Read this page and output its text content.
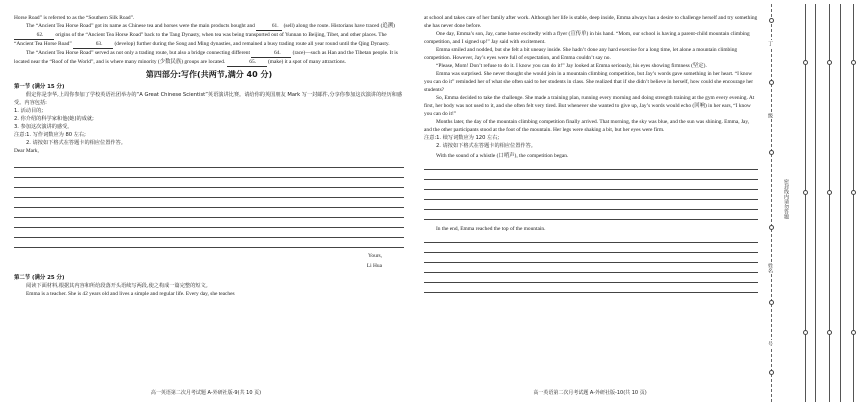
Horse Road” is referred to as the “Southern Silk Road”.

The “Ancient Tea Horse Road” got its name as Chinese tea and horses were the main products bought and	61. (sell) along the route. Historians have traced (追溯) 62. origins of the “Ancient Tea Horse Road” back to the Tang Dynasty, when tea was being transported out of Yunnan to Beijing, Tibet, and other places. The “Ancient Tea Horse Road”	63. (develop) further during the Song and Ming dynasties, and remained a busy trading route all year round until the Qing Dynasty.

The “Ancient Tea Horse Road” served as not only a trading route, but also a bridge connecting different	64. (race)—such as Han and the Tibetan people. It is located near the “Roof of the World”, and is where many minority (少数民族) groups are located.	65. (make) it a spot of many attractions.

第四部分:写作(共两节,满分 40 分)

第一节 (满分 15 分)

假定你是李华,上周你参加了学校英语社团举办的“A Great Chinese Scientist”英语演讲比赛。请给你的英国朋友 Mark 写一封邮件,分享你参加这次演讲的经历和感受。内容包括:

1. 活动目的;

2. 你介绍的科学家和他(她)的成就;

3. 参加这次演讲的感受。

注意:1. 写作词数应为 80 左右;

2. 请按如下格式在答题卡的相应位置作答。

Dear Mark,

Yours,

Li Hua

第二节 (满分 25 分)

阅读下面材料,根据其内容和所给段落开头语续写两段,使之构成一篇完整的短文。

Emma is a teacher. She is 42 years old and lives a simple and regular life. Every day, she teaches

高一英语第二次月考试题 A-外研社版-9(共 10 页)

at school and takes care of her family after work. Although her life is stable, deep inside, Emma always has a desire to challenge herself and try something she has never done before.

One day, Emma’s son, Jay, came home excitedly with a flyer (宣传单) in his hand. “Mom, our school is having a parent-child mountain climbing competition, and I signed up!” Jay said with excitement.

Emma smiled and nodded, but she felt a bit uneasy inside. She hadn’t done any hard exercise for a long time, let alone a mountain climbing competition. However, Jay’s eyes were full of expectation, and Emma couldn’t say no.

“Please, Mom! Don’t refuse to do it. I know you can do it!” Jay looked at Emma seriously, his eyes showing firmness (坚定).

Emma was surprised. She never thought she would join in a mountain climbing competition, but Jay’s words gave something in her heart. “I know you can do it” reminded her of what she often said to her students in class. She realized that if she didn’t believe in herself, how could she encourage her students?

So, Emma decided to take the challenge. She made a training plan, running every morning and doing strength training at the gym every evening. At first, her body was not used to it, and she often felt very tired. But whenever she wanted to give up, Jay’s words would echo (回响) in her ears, “I know you can do it!”

Months later, the day of the mountain climbing competition finally arrived. That morning, the sky was blue, and the sun was shining. Emma, Jay, and the other participants stood at the foot of the mountain. Her legs were shaking a bit, but her eyes were firm.

注意:1. 续写词数应为 120 左右;

2. 请按如下格式在答题卡的相应位置作答。

With the sound of a whistle (口哨声), the competition began.

In the end, Emma reached the top of the mountain.

高一英语第二次月考试题 A-外研社版-10(共 10 页)
丁
级
密封线内请勿答题
姓名
号
